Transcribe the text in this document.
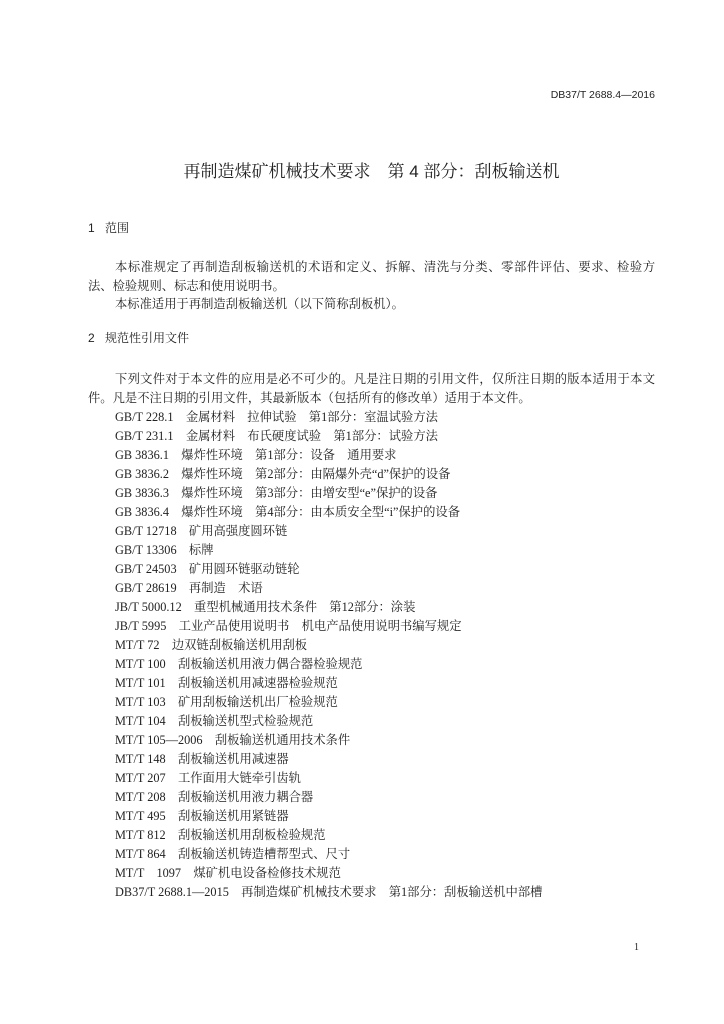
DB37/T 2688.4—2016
再制造煤矿机械技术要求　第 4 部分：刮板输送机
1 范围

本标准规定了再制造刮板输送机的术语和定义、拆解、清洗与分类、零部件评估、要求、检验方法、检验规则、标志和使用说明书。

本标准适用于再制造刮板输送机（以下简称刮板机）。

2 规范性引用文件

下列文件对于本文件的应用是必不可少的。凡是注日期的引用文件，仅所注日期的版本适用于本文件。凡是不注日期的引用文件，其最新版本（包括所有的修改单）适用于本文件。

GB/T 228.1　金属材料　拉伸试验　第1部分：室温试验方法
GB/T 231.1　金属材料　布氏硬度试验　第1部分：试验方法
GB 3836.1　爆炸性环境　第1部分：设备　通用要求
GB 3836.2　爆炸性环境　第2部分：由隔爆外壳“d”保护的设备
GB 3836.3　爆炸性环境　第3部分：由增安型“e”保护的设备
GB 3836.4　爆炸性环境　第4部分：由本质安全型“i”保护的设备
GB/T 12718　矿用高强度圆环链
GB/T 13306　标牌
GB/T 24503　矿用圆环链驱动链轮
GB/T 28619　再制造　术语
JB/T 5000.12　重型机械通用技术条件　第12部分：涂装
JB/T 5995　工业产品使用说明书　机电产品使用说明书编写规定
MT/T 72　边双链刮板输送机用刮板
MT/T 100　刮板输送机用液力偶合器检验规范
MT/T 101　刮板输送机用减速器检验规范
MT/T 103　矿用刮板输送机出厂检验规范
MT/T 104　刮板输送机型式检验规范
MT/T 105—2006　刮板输送机通用技术条件
MT/T 148　刮板输送机用减速器
MT/T 207　工作面用大链牵引齿轨
MT/T 208　刮板输送机用液力耦合器
MT/T 495　刮板输送机用紧链器
MT/T 812　刮板输送机用刮板检验规范
MT/T 864　刮板输送机铸造槽帮型式、尺寸
MT/T　1097　煤矿机电设备检修技术规范
DB37/T 2688.1—2015　再制造煤矿机械技术要求　第1部分：刮板输送机中部槽
1
